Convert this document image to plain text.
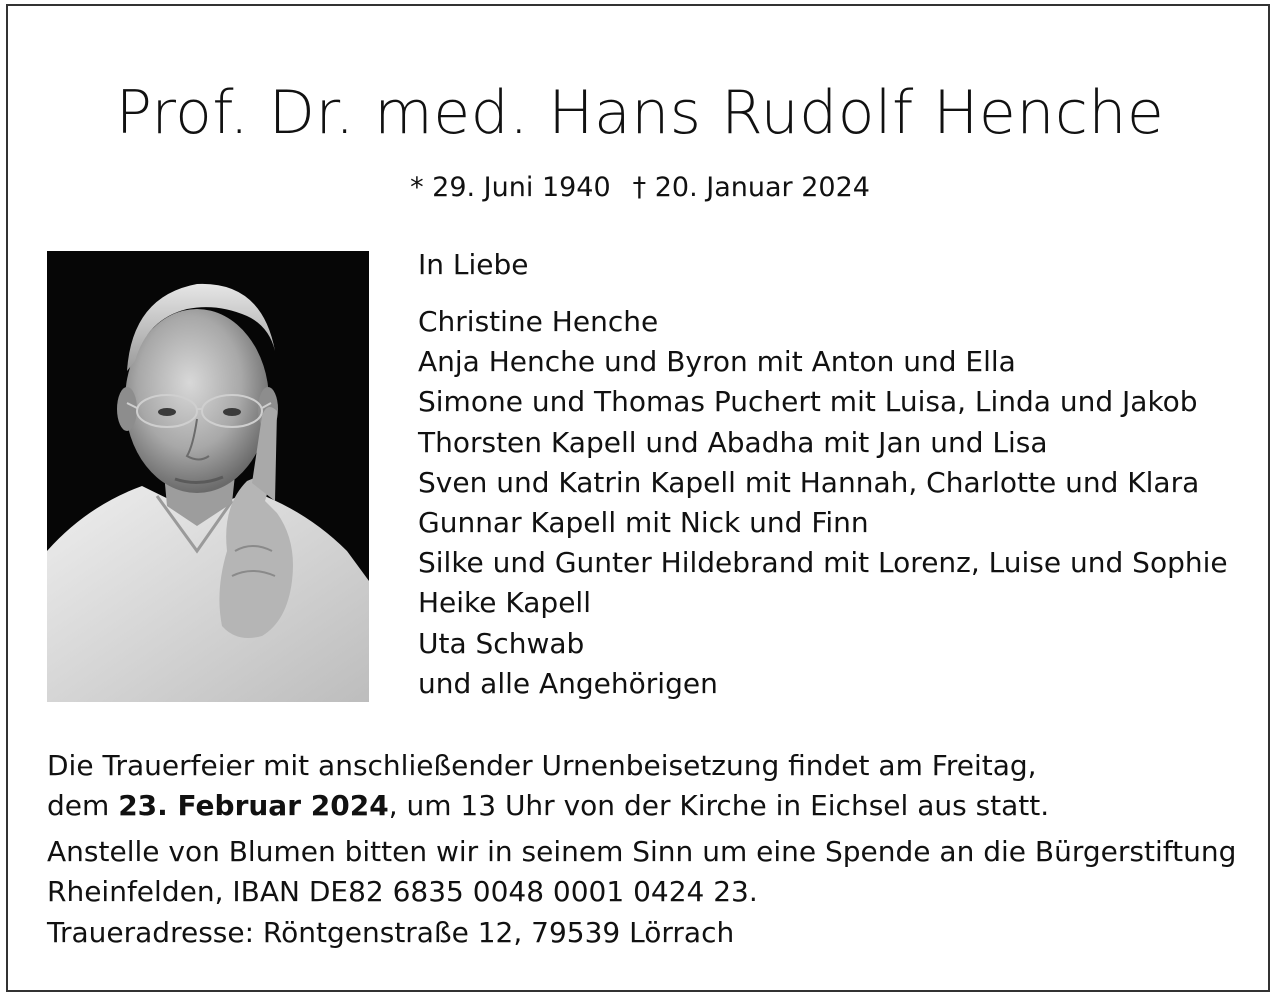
Prof. Dr. med. Hans Rudolf Henche
* 29. Juni 1940 † 20. Januar 2024
In Liebe
Christine Henche
Anja Henche und Byron mit Anton und Ella
Simone und Thomas Puchert mit Luisa, Linda und Jakob
Thorsten Kapell und Abadha mit Jan und Lisa
Sven und Katrin Kapell mit Hannah, Charlotte und Klara
Gunnar Kapell mit Nick und Finn
Silke und Gunter Hildebrand mit Lorenz, Luise und Sophie
Heike Kapell
Uta Schwab
und alle Angehörigen
Die Trauerfeier mit anschließender Urnenbeisetzung findet am Freitag,
dem 23. Februar 2024, um 13 Uhr von der Kirche in Eichsel aus statt.
Anstelle von Blumen bitten wir in seinem Sinn um eine Spende an die Bürgerstiftung
Rheinfelden, IBAN DE82 6835 0048 0001 0424 23.
Traueradresse: Röntgenstraße 12, 79539 Lörrach
